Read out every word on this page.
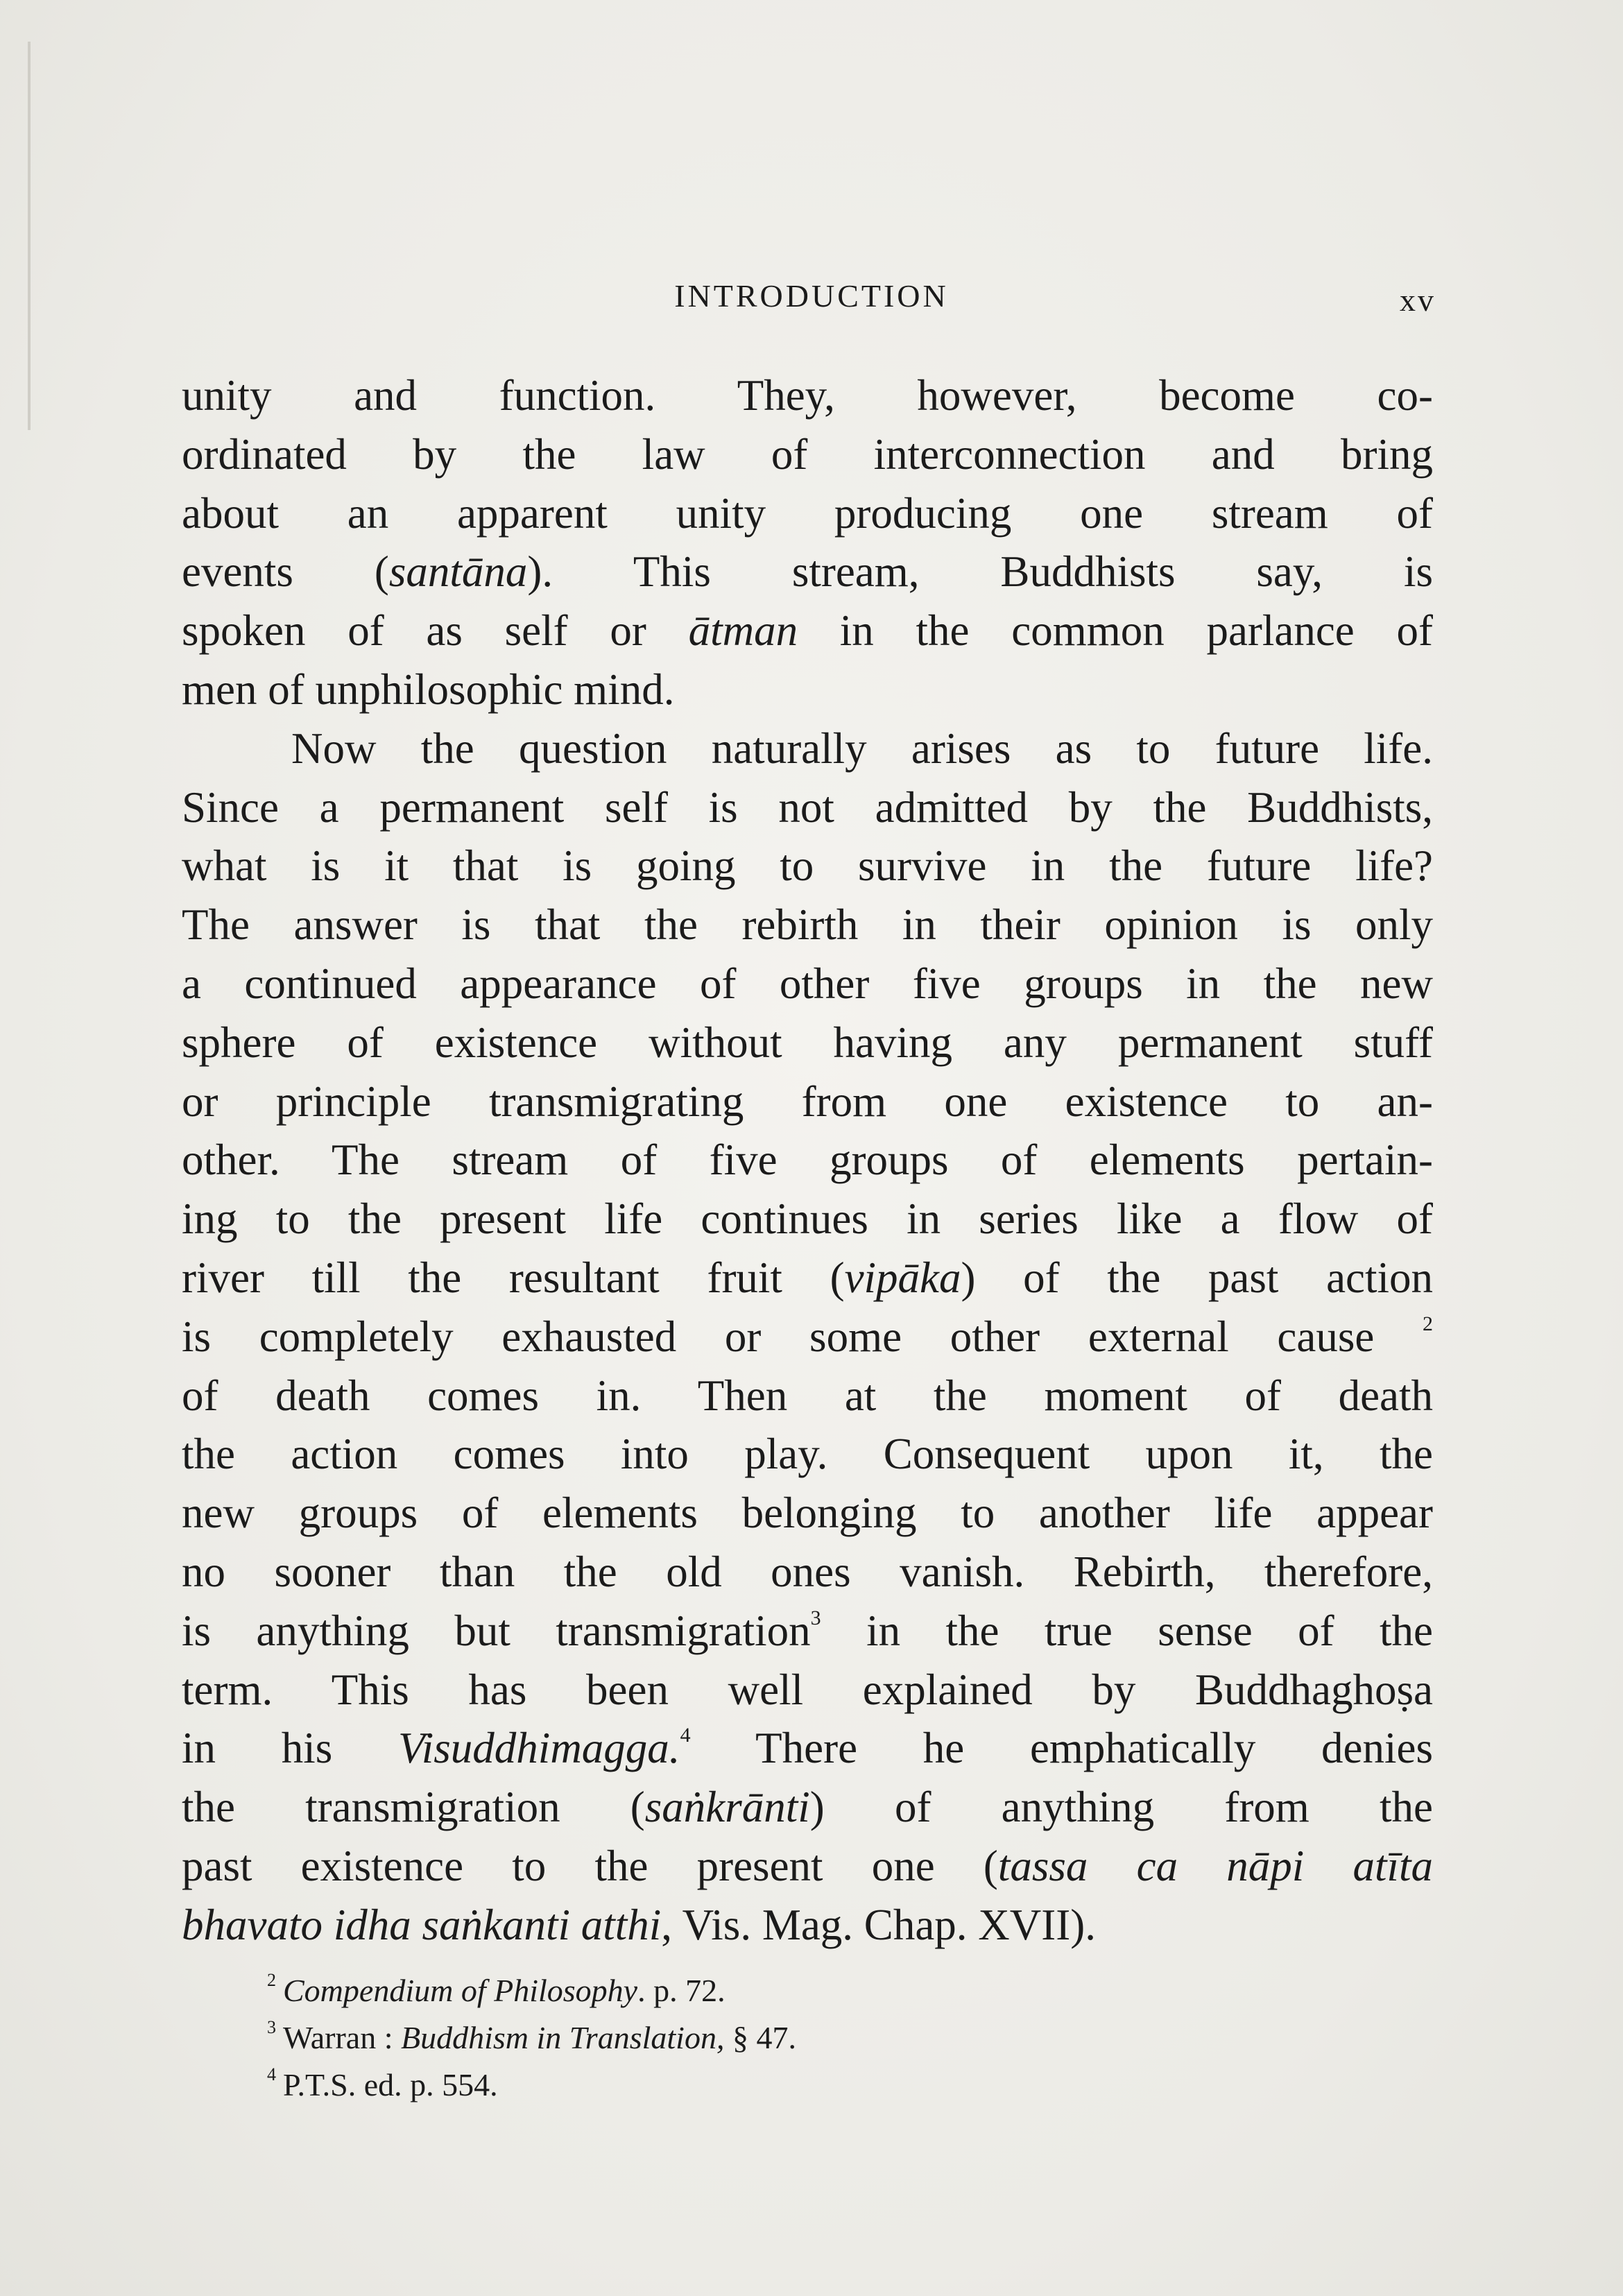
INTRODUCTION	xv
unity and function. They, however, become co-
ordinated by the law of interconnection and bring
about an apparent unity producing one stream of
events (santāna). This stream, Buddhists say, is
spoken of as self or ātman in the common parlance of
men of unphilosophic mind.
Now the question naturally arises as to future life.
Since a permanent self is not admitted by the Buddhists,
what is it that is going to survive in the future life?
The answer is that the rebirth in their opinion is only
a continued appearance of other five groups in the new
sphere of existence without having any permanent stuff
or principle transmigrating from one existence to an-
other. The stream of five groups of elements pertain-
ing to the present life continues in series like a flow of
river till the resultant fruit (vipāka) of the past action
is completely exhausted or some other external cause $^2$
of death comes in. Then at the moment of death
the action comes into play. Consequent upon it, the
new groups of elements belonging to another life appear
no sooner than the old ones vanish. Rebirth, therefore,
is anything but transmigration$^3$ in the true sense of the
term. This has been well explained by Buddhaghoṣa
in his Visuddhimagga.$^4$ There he emphatically denies
the transmigration (saṅkrānti) of anything from the
past existence to the present one (tassa ca nāpi atīta
bhavato idha saṅkanti atthi, Vis. Mag. Chap. XVII).
$^2$ Compendium of Philosophy. p. 72.
$^3$ Warran : Buddhism in Translation, § 47.
$^4$ P.T.S. ed. p. 554.
